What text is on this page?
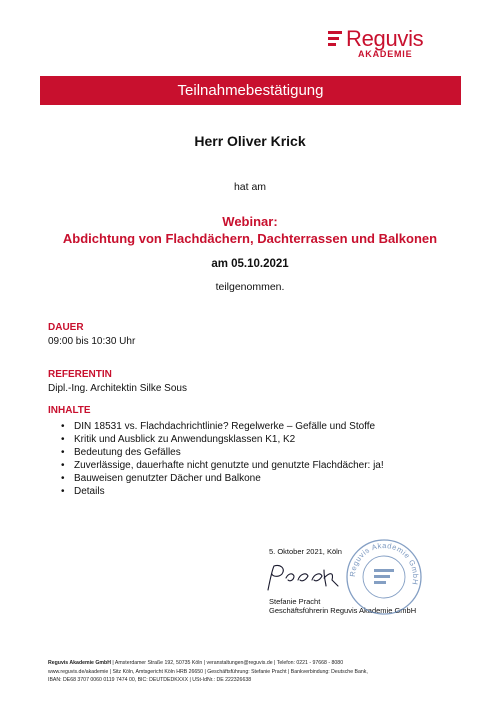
Reguvis
AKADEMIE
Teilnahmebestätigung
Herr Oliver Krick
hat am
Webinar:
Abdichtung von Flachdächern, Dachterrassen und Balkonen
am 05.10.2021
teilgenommen.
DAUER
09:00 bis 10:30 Uhr
REFERENTIN
Dipl.-Ing. Architektin Silke Sous
INHALTE
• DIN 18531 vs. Flachdachrichtlinie? Regelwerke – Gefälle und Stoffe
• Kritik und Ausblick zu Anwendungsklassen K1, K2
• Bedeutung des Gefälles
• Zuverlässige, dauerhafte nicht genutzte und genutzte Flachdächer: ja!
• Bauweisen genutzter Dächer und Balkone
• Details
5. Oktober 2021, Köln
Stefanie Pracht
Geschäftsführerin Reguvis Akademie GmbH
Reguvis Akademie GmbH
Reguvis Akademie GmbH | Amsterdamer Straße 192, 50735 Köln | veranstaltungen@reguvis.de | Telefon: 0221 - 97668 - 8080
www.reguvis.de/akademie | Sitz Köln, Amtsgericht Köln HRB 26650 | Geschäftsführung: Stefanie Pracht | Bankverbindung: Deutsche Bank,
IBAN: DE68 3707 0060 0119 7474 00, BIC: DEUTDEDKXXX | USt-IdNr.: DE 222326638
